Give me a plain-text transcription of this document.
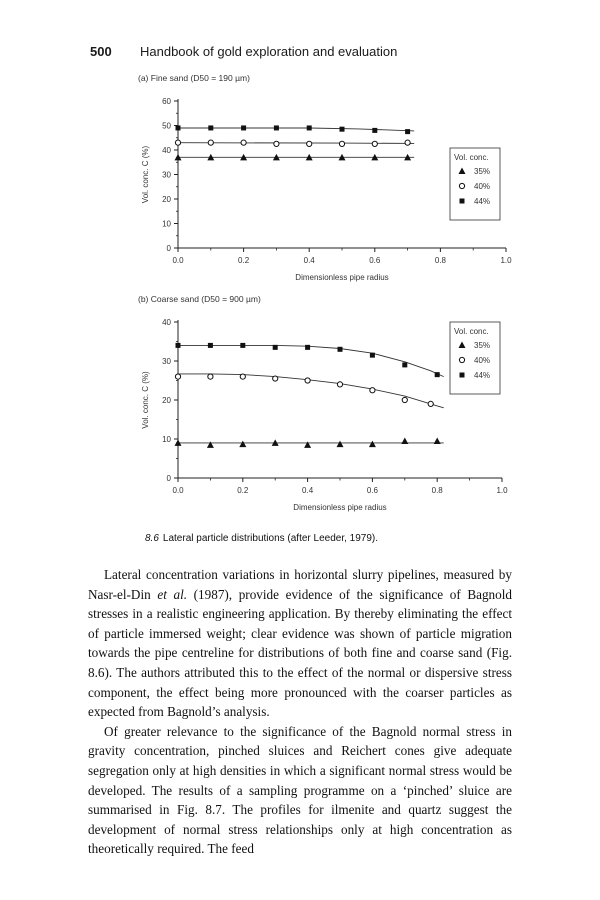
500 Handbook of gold exploration and evaluation
(a) Fine sand (D50 = 190 µm)
0
10
20
30
40
50
60
0.0	0.2	0.4	0.6	0.8	1.0
Dimensionless pipe radius
Vol. conc. C (%)	Vol. conc.
35%
40%
44%
(b) Coarse sand (D50 = 900 µm)
0
10
20
30
40
0.0	0.2	0.4	0.6	0.8	1.0
Dimensionless pipe radius
Vol. conc. C (%)
Vol. conc.
35%
40%
44%
8.6 Lateral particle distributions (after Leeder, 1979).

Lateral concentration variations in horizontal slurry pipelines, measured by Nasr-el-Din et al. (1987), provide evidence of the significance of Bagnold stresses in a realistic engineering application. By thereby eliminating the effect of particle immersed weight; clear evidence was shown of particle migration towards the pipe centreline for distributions of both fine and coarse sand (Fig. 8.6). The authors attributed this to the effect of the normal or dispersive stress component, the effect being more pronounced with the coarser particles as expected from Bagnold’s analysis.

Of greater relevance to the significance of the Bagnold normal stress in gravity concentration, pinched sluices and Reichert cones give adequate segregation only at high densities in which a significant normal stress would be developed. The results of a sampling programme on a ‘pinched’ sluice are summarised in Fig. 8.7. The profiles for ilmenite and quartz suggest the development of normal stress relationships only at high concentration as theoretically required. The feed
